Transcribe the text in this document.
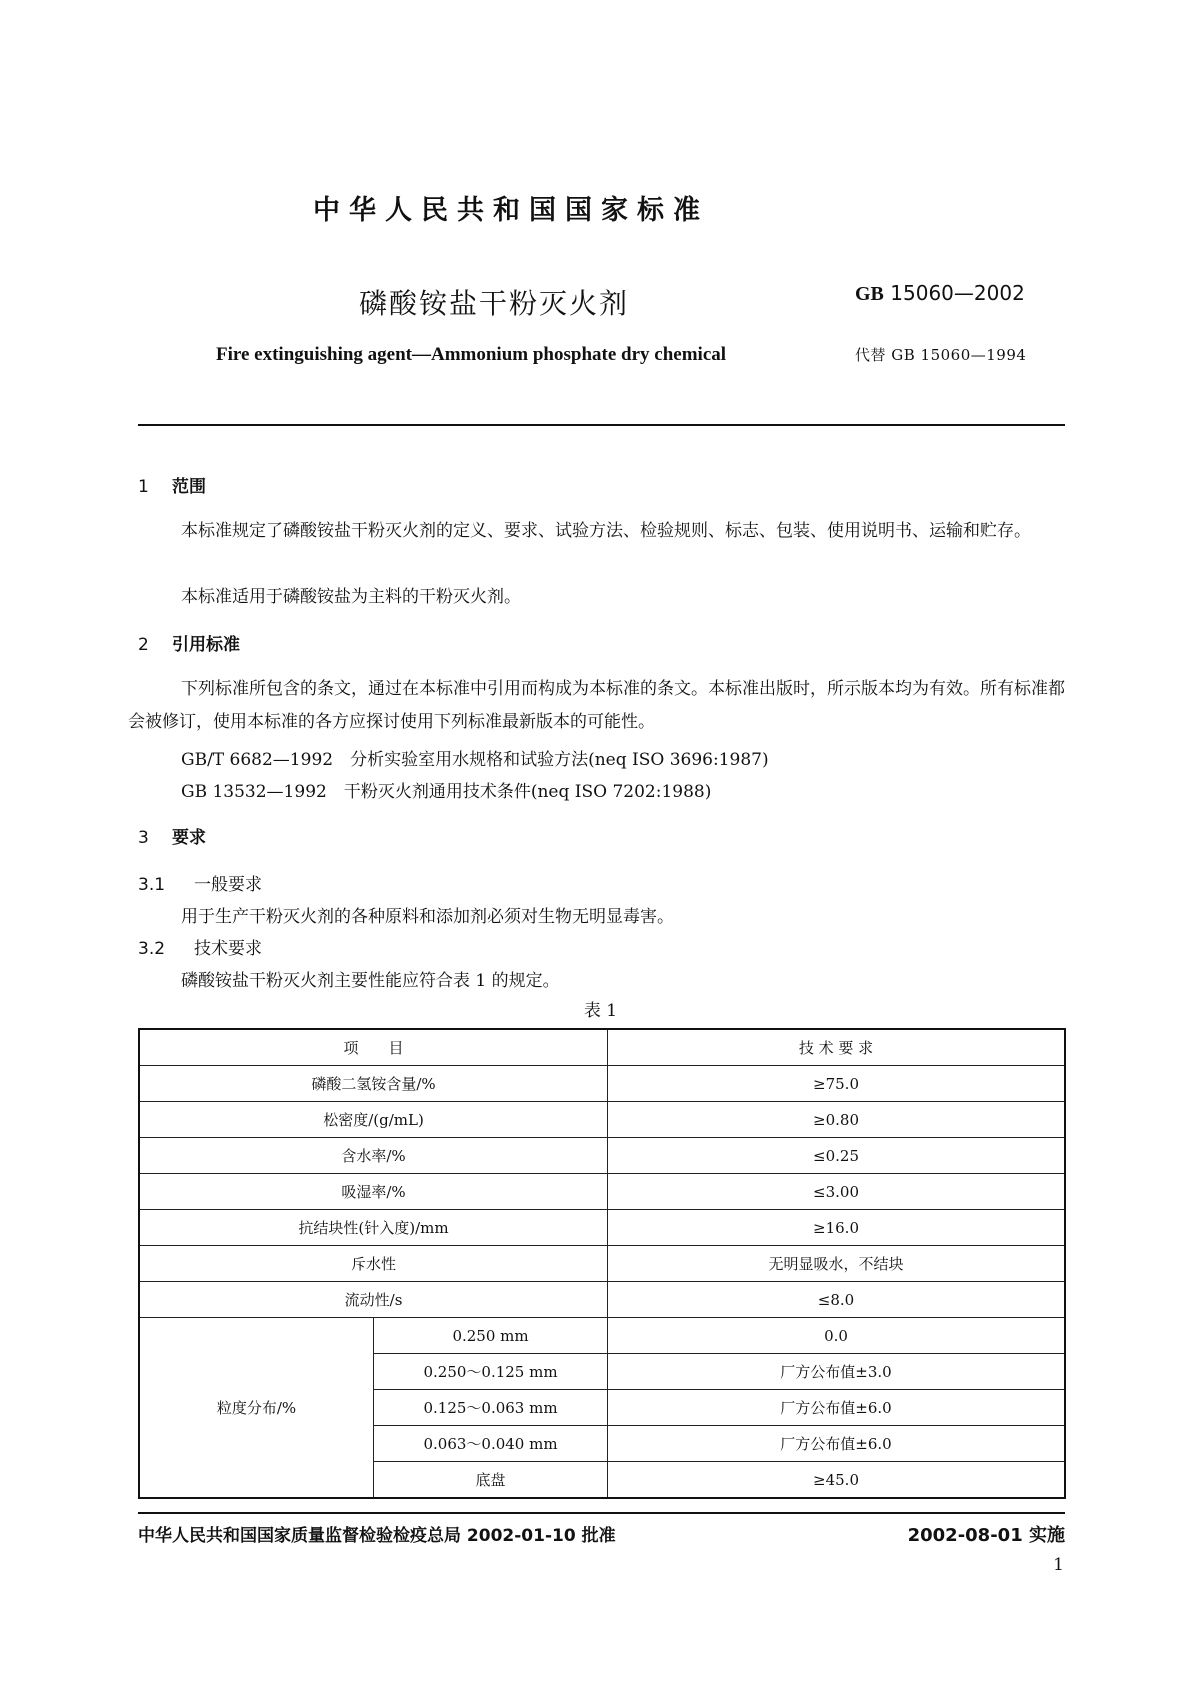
中华人民共和国国家标准
磷酸铵盐干粉灭火剂	GB 15060—2002
Fire extinguishing agent—Ammonium phosphate dry chemical	代替 GB 15060—1994
1 范围
本标准规定了磷酸铵盐干粉灭火剂的定义、要求、试验方法、检验规则、标志、包装、使用说明书、运输和贮存。
本标准适用于磷酸铵盐为主料的干粉灭火剂。
2 引用标准
下列标准所包含的条文，通过在本标准中引用而构成为本标准的条文。本标准出版时，所示版本均为有效。所有标准都会被修订，使用本标准的各方应探讨使用下列标准最新版本的可能性。
GB/T 6682—1992　分析实验室用水规格和试验方法(neq ISO 3696:1987)
GB 13532—1992　干粉灭火剂通用技术条件(neq ISO 7202:1988)
3 要求
3.1 一般要求
用于生产干粉灭火剂的各种原料和添加剂必须对生物无明显毒害。
3.2 技术要求
磷酸铵盐干粉灭火剂主要性能应符合表 1 的规定。
表 1
项　　目		技 术 要 求
磷酸二氢铵含量/%		≥75.0
松密度/(g/mL)		≥0.80
含水率/%		≤0.25
吸湿率/%		≤3.00
抗结块性(针入度)/mm		≥16.0
斥水性		无明显吸水，不结块
流动性/s		≤8.0
粒度分布/%	0.250 mm	0.0
	0.250～0.125 mm	厂方公布值±3.0
	0.125～0.063 mm	厂方公布值±6.0
	0.063～0.040 mm	厂方公布值±6.0
	底盘	≥45.0
中华人民共和国国家质量监督检验检疫总局 2002-01-10 批准	2002-08-01 实施
1
